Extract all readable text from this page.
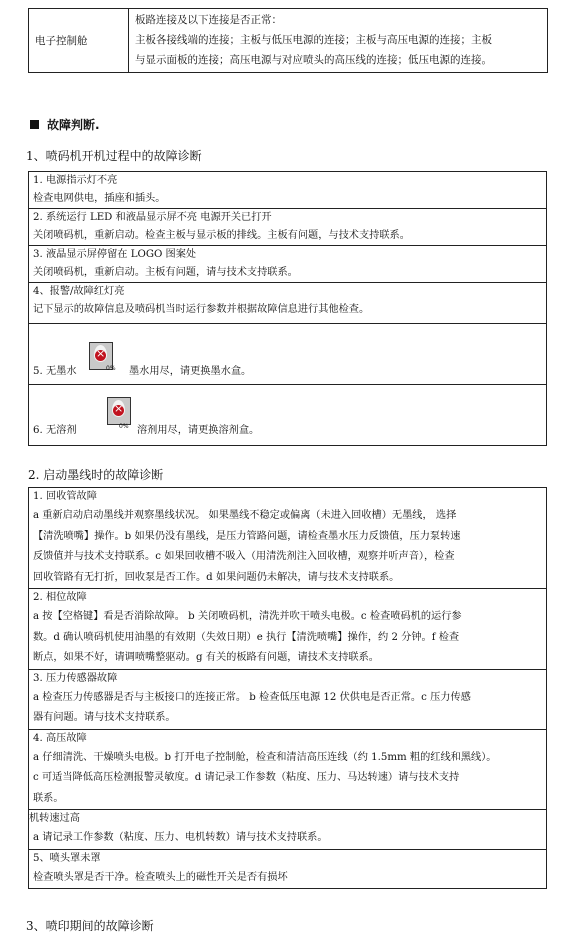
电子控制舱	
板路连接及以下连接是否正常：
主板各接线端的连接；主板与低压电源的连接；主板与高压电源的连接；主板
与显示面板的连接；高压电源与对应喷头的高压线的连接；低压电源的连接。
故障判断.
1、喷码机开机过程中的故障诊断
1. 电源指示灯不亮
检查电网供电，插座和插头。
2. 系统运行 LED 和液晶显示屏不亮 电源开关已打开
关闭喷码机，重新启动。检查主板与显示板的排线。主板有问题，与技术支持联系。
3. 液晶显示屏停留在 LOGO 图案处
关闭喷码机，重新启动。主板有问题，请与技术支持联系。
4、报警/故障红灯亮
记下显示的故障信息及喷码机当时运行参数并根据故障信息进行其他检查。
5. 无墨水
×	0% 墨水用尽，请更换墨水盒。
6. 无溶剂
×	0% 溶剂用尽，请更换溶剂盒。
2. 启动墨线时的故障诊断
1. 回收管故障
a 重新启动启动墨线并观察墨线状况。 如果墨线不稳定或偏离（未进入回收槽）无墨线， 选择
【清洗喷嘴】操作。b 如果仍没有墨线，是压力管路问题，请检查墨水压力反馈值，压力泵转速
反馈值并与技术支持联系。c 如果回收槽不吸入（用清洗剂注入回收槽，观察并听声音），检查
回收管路有无打折，回收泵是否工作。d 如果问题仍未解决，请与技术支持联系。
2. 相位故障
a 按【空格键】看是否消除故障。 b 关闭喷码机，清洗并吹干喷头电极。c 检查喷码机的运行参
数。d 确认喷码机使用油墨的有效期（失效日期）e 执行【清洗喷嘴】操作，约 2 分钟。f 检查
断点，如果不好，请调喷嘴整驱动。g 有关的板路有问题，请技术支持联系。
3. 压力传感器故障
a 检查压力传感器是否与主板接口的连接正常。 b 检查低压电源 12 伏供电是否正常。c 压力传感
器有问题。请与技术支持联系。
4. 高压故障
a 仔细清洗、干燥喷头电极。b 打开电子控制舱，检查和清洁高压连线（约 1.5mm 粗的红线和黑线）。
c 可适当降低高压检测报警灵敏度。d 请记录工作参数（粘度、压力、马达转速）请与技术支持
联系。
机转速过高
a 请记录工作参数（粘度、压力、电机转数）请与技术支持联系。
5、喷头罩未罩
检查喷头罩是否干净。检查喷头上的磁性开关是否有损坏
3、喷印期间的故障诊断
